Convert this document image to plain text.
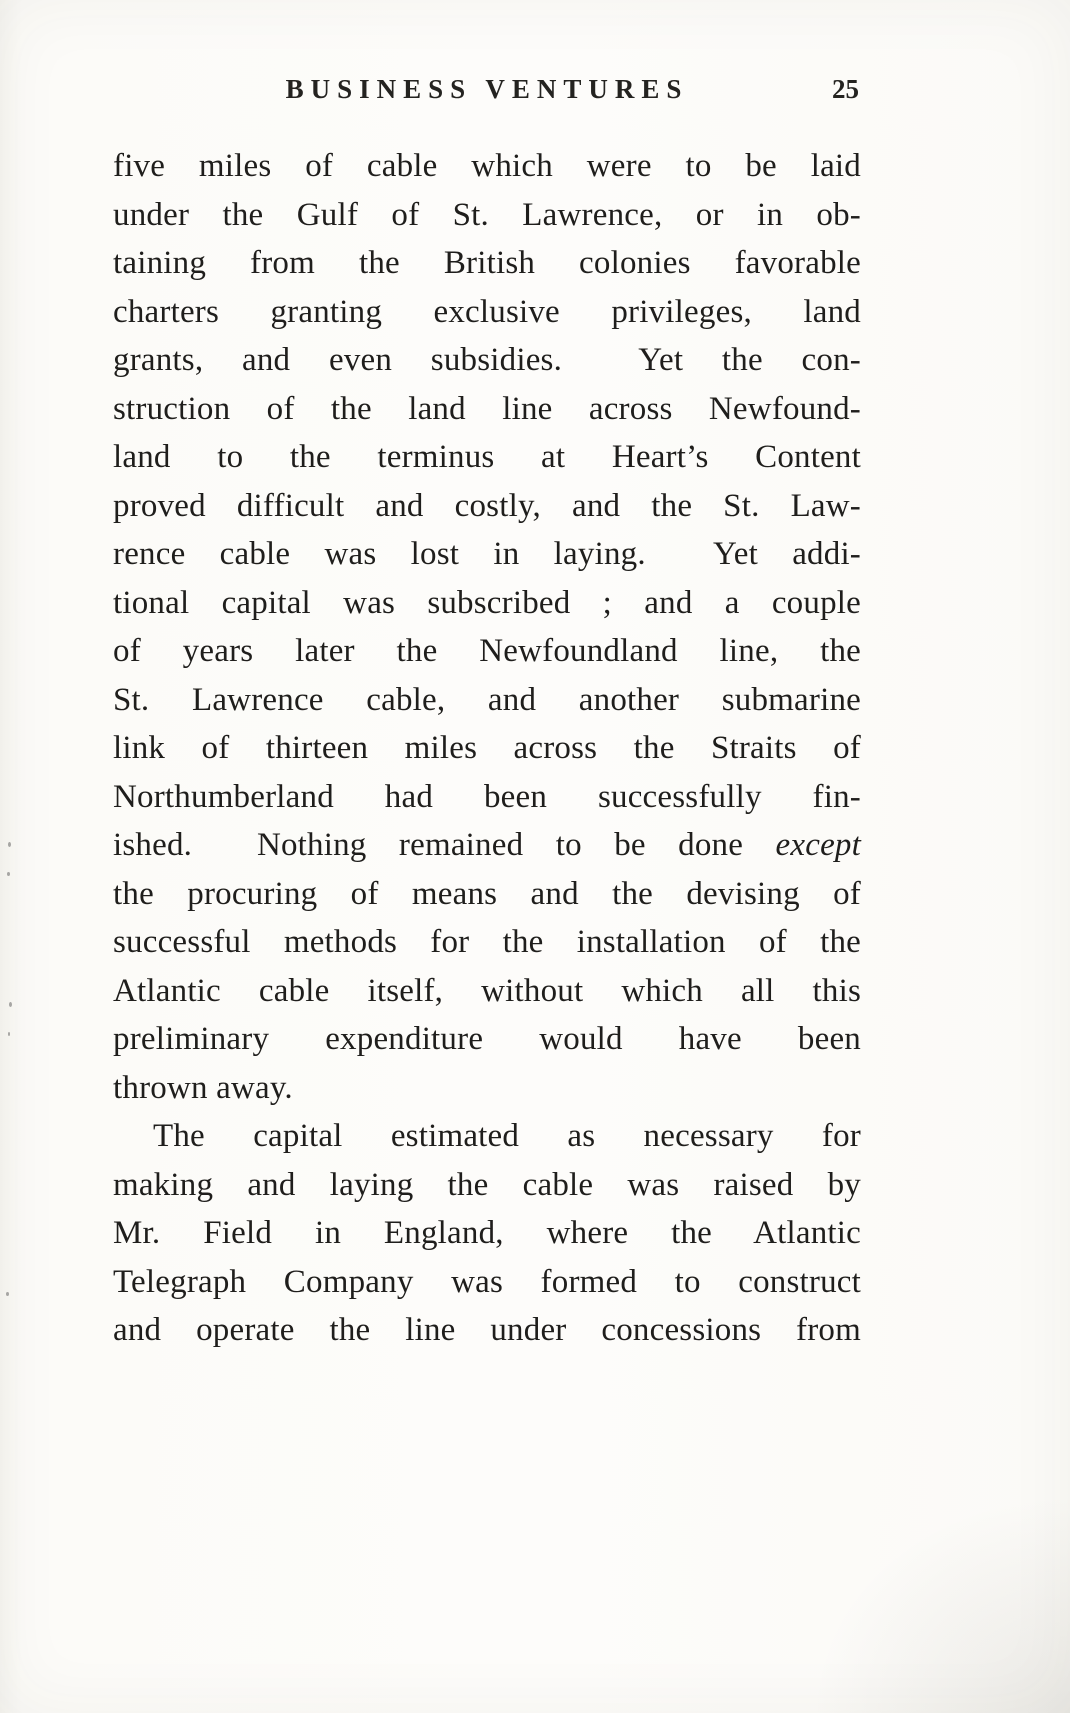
BUSINESS VENTURES	25
five miles of cable which were to be laid
under the Gulf of St. Lawrence, or in ob-
taining from the British colonies favorable
charters granting exclusive privileges, land
grants, and even subsidies.  Yet the con-
struction of the land line across Newfound-
land to the terminus at Heart’s Content
proved difficult and costly, and the St. Law-
rence cable was lost in laying.  Yet addi-
tional capital was subscribed ; and a couple
of years later the Newfoundland line, the
St. Lawrence cable, and another submarine
link of thirteen miles across the Straits of
Northumberland had been successfully fin-
ished.  Nothing remained to be done except
the procuring of means and the devising of
successful methods for the installation of the
Atlantic cable itself, without which all this
preliminary expenditure would have been
thrown away.
The capital estimated as necessary for
making and laying the cable was raised by
Mr. Field in England, where the Atlantic
Telegraph Company was formed to construct
and operate the line under concessions from
